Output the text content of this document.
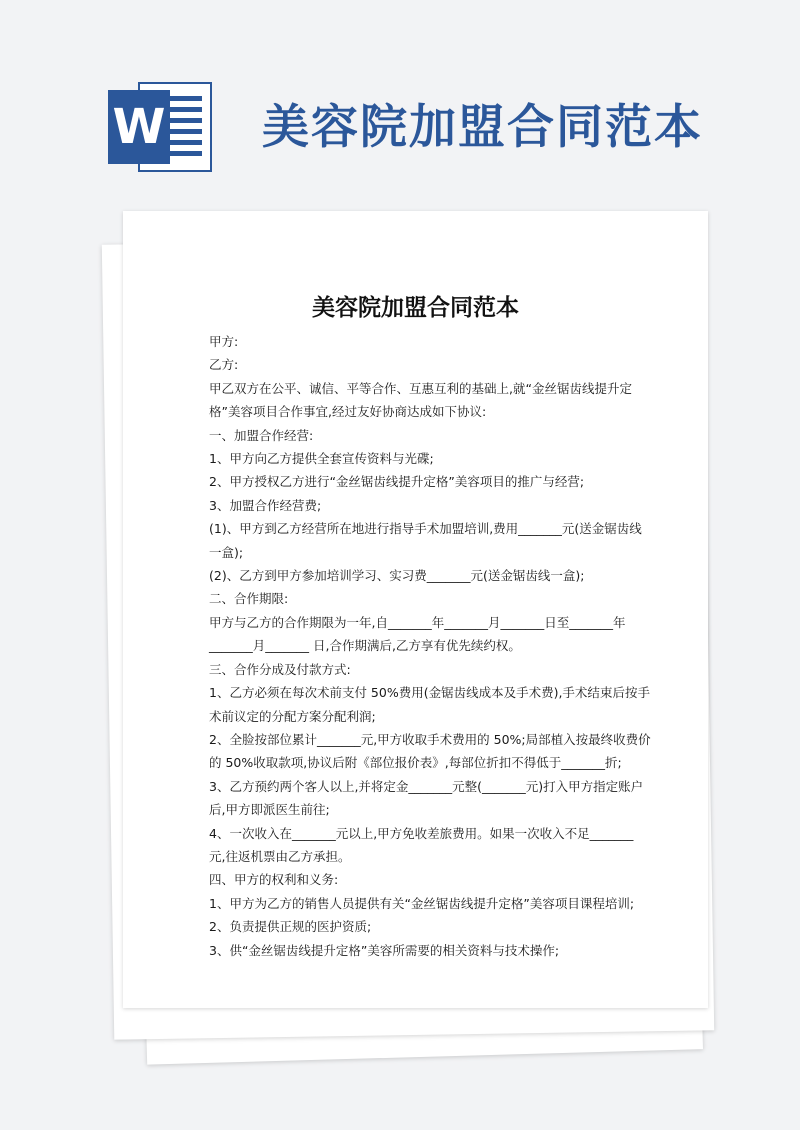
W 美容院加盟合同范本
美容院加盟合同范本

甲方:

乙方:

甲乙双方在公平、诚信、平等合作、互惠互利的基础上,就“金丝锯齿线提升定

格”美容项目合作事宜,经过友好协商达成如下协议:

一、加盟合作经营:

1、甲方向乙方提供全套宣传资料与光碟;

2、甲方授权乙方进行“金丝锯齿线提升定格”美容项目的推广与经营;

3、加盟合作经营费;

(1)、甲方到乙方经营所在地进行指导手术加盟培训,费用_______元(送金锯齿线

一盒);

(2)、乙方到甲方参加培训学习、实习费_______元(送金锯齿线一盒);

二、合作期限:

甲方与乙方的合作期限为一年,自_______年_______月_______日至_______年

_______月_______ 日,合作期满后,乙方享有优先续约权。

三、合作分成及付款方式:

1、乙方必须在每次术前支付 50%费用(金锯齿线成本及手术费),手术结束后按手

术前议定的分配方案分配利润;

2、全脸按部位累计_______元,甲方收取手术费用的 50%;局部植入按最终收费价

的 50%收取款项,协议后附《部位报价表》,每部位折扣不得低于_______折;

3、乙方预约两个客人以上,并将定金_______元整(_______元)打入甲方指定账户

后,甲方即派医生前往;

4、一次收入在_______元以上,甲方免收差旅费用。如果一次收入不足_______

元,往返机票由乙方承担。

四、甲方的权利和义务:

1、甲方为乙方的销售人员提供有关“金丝锯齿线提升定格”美容项目课程培训;

2、负责提供正规的医护资质;

3、供“金丝锯齿线提升定格”美容所需要的相关资料与技术操作;
